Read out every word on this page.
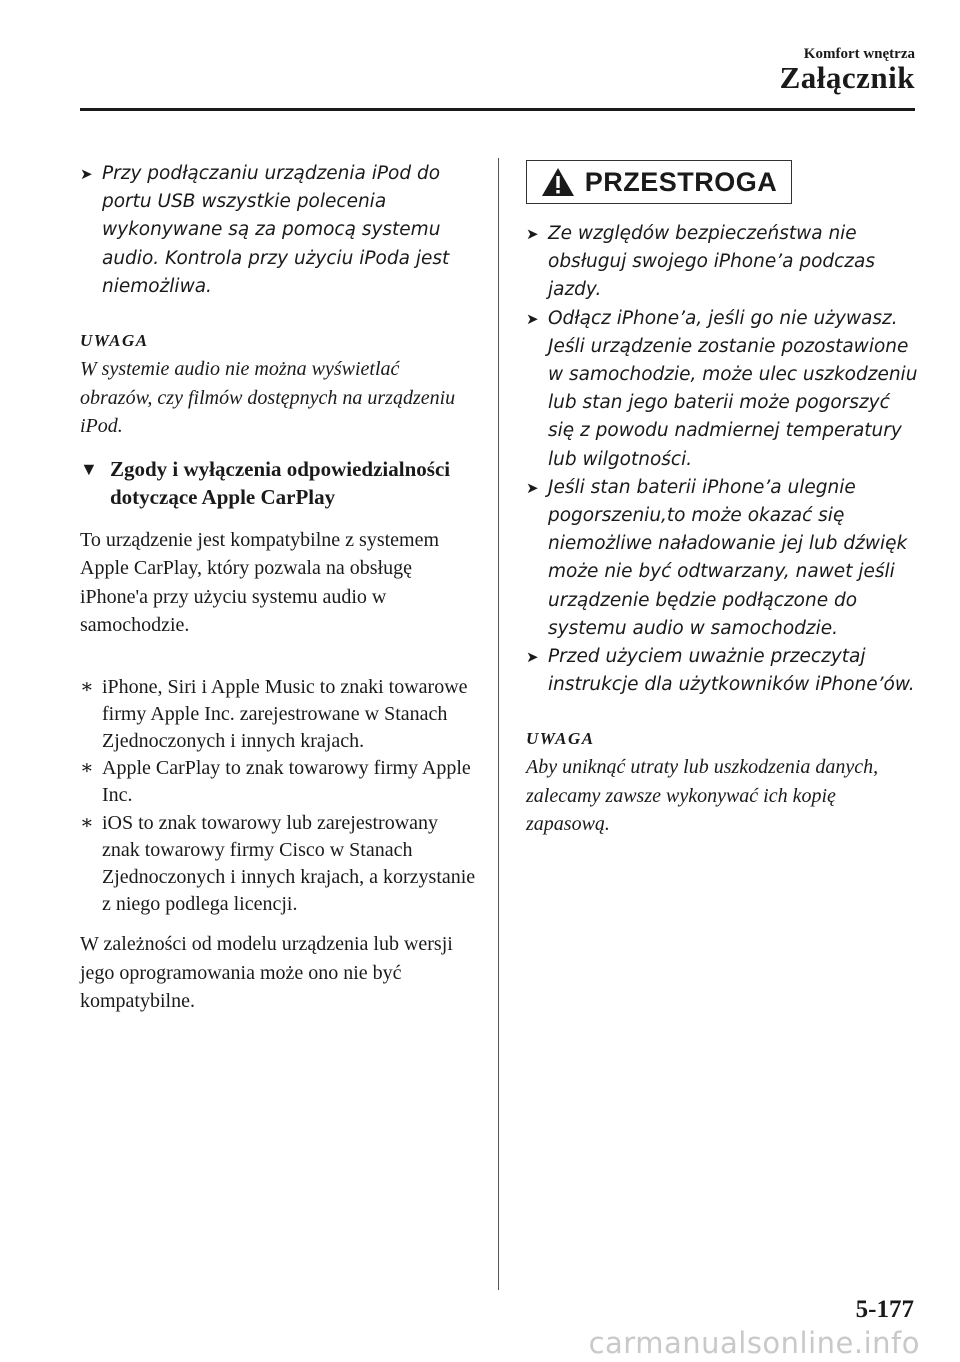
Komfort wnętrza
Załącznik
➤ Przy podłączaniu urządzenia iPod do portu USB wszystkie polecenia wykonywane są za pomocą systemu audio. Kontrola przy użyciu iPoda jest niemożliwa.
UWAGA
W systemie audio nie można wyświetlać obrazów, czy filmów dostępnych na urządzeniu iPod.
▼ Zgody i wyłączenia odpowiedzialności dotyczące Apple CarPlay
To urządzenie jest kompatybilne z systemem Apple CarPlay, który pozwala na obsługę iPhone'a przy użyciu systemu audio w samochodzie.
∗ iPhone, Siri i Apple Music to znaki towarowe firmy Apple Inc. zarejestrowane w Stanach Zjednoczonych i innych krajach.
∗ Apple CarPlay to znak towarowy firmy Apple Inc.
∗ iOS to znak towarowy lub zarejestrowany znak towarowy firmy Cisco w Stanach Zjednoczonych i innych krajach, a korzystanie z niego podlega licencji.
W zależności od modelu urządzenia lub wersji jego oprogramowania może ono nie być kompatybilne.
PRZESTROGA
➤ Ze względów bezpieczeństwa nie obsługuj swojego iPhone’a podczas jazdy.
➤ Odłącz iPhone’a, jeśli go nie używasz. Jeśli urządzenie zostanie pozostawione w samochodzie, może ulec uszkodzeniu lub stan jego baterii może pogorszyć się z powodu nadmiernej temperatury lub wilgotności.
➤ Jeśli stan baterii iPhone’a ulegnie pogorszeniu,to może okazać się niemożliwe naładowanie jej lub dźwięk może nie być odtwarzany, nawet jeśli urządzenie będzie podłączone do systemu audio w samochodzie.
➤ Przed użyciem uważnie przeczytaj instrukcje dla użytkowników iPhone’ów.
UWAGA
Aby uniknąć utraty lub uszkodzenia danych, zalecamy zawsze wykonywać ich kopię zapasową.
5-177
carmanualsonline.info
